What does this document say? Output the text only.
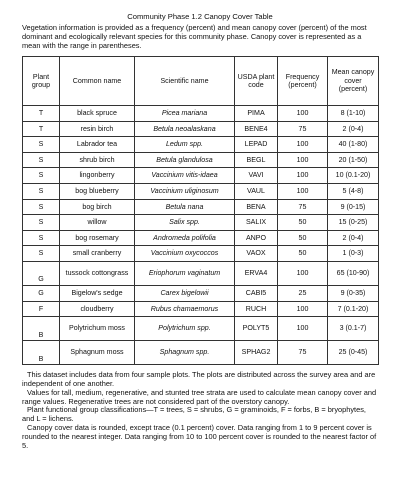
Community Phase 1.2 Canopy Cover Table
Vegetation information is provided as a frequency (percent) and mean canopy cover (percent) of the most dominant and ecologically relevant species for this community phase. Canopy cover is represented as a mean with the range in parentheses.
Plant group	Common name	Scientific name	USDA plant code	Frequency (percent)	Mean canopy cover (percent)
T	black spruce	Picea mariana	PIMA	100	8 (1-10)
T	resin birch	Betula neoalaskana	BENE4	75	2 (0-4)
S	Labrador tea	Ledum spp.	LEPAD	100	40 (1-80)
S	shrub birch	Betula glandulosa	BEGL	100	20 (1-50)
S	lingonberry	Vaccinium vitis-idaea	VAVI	100	10 (0.1-20)
S	bog blueberry	Vaccinium uliginosum	VAUL	100	5 (4-8)
S	bog birch	Betula nana	BENA	75	9 (0-15)
S	willow	Salix spp.	SALIX	50	15 (0-25)
S	bog rosemary	Andromeda polifolia	ANPO	50	2 (0-4)
S	small cranberry	Vaccinium oxycoccos	VAOX	50	1 (0-3)
G	tussock cottongrass	Eriophorum vaginatum	ERVA4	100	65 (10-90)
G	Bigelow's sedge	Carex bigelowii	CABI5	25	9 (0-35)
F	cloudberry	Rubus chamaemorus	RUCH	100	7 (0.1-20)
B	Polytrichum moss	Polytrichum spp.	POLYT5	100	3 (0.1-7)
B	Sphagnum moss	Sphagnum spp.	SPHAG2	75	25 (0-45)

This dataset includes data from four sample plots. The plots are distributed across the survey area and are independent of one another.

Values for tall, medium, regenerative, and stunted tree strata are used to calculate mean canopy cover and range values. Regenerative trees are not considered part of the overstory canopy.

Plant functional group classifications—T = trees, S = shrubs, G = graminoids, F = forbs, B = bryophytes, and L = lichens.

Canopy cover data is rounded, except trace (0.1 percent) cover. Data ranging from 1 to 9 percent cover is rounded to the nearest integer. Data ranging from 10 to 100 percent cover is rounded to the nearest factor of 5.
